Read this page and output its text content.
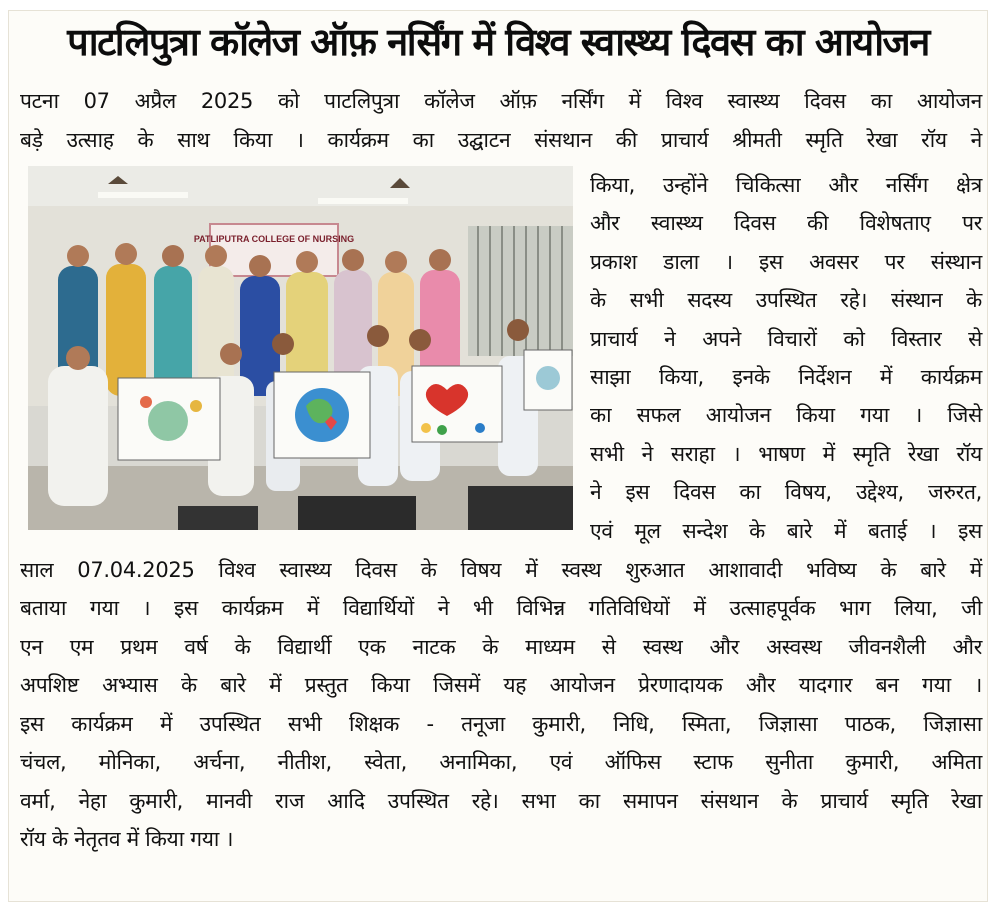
पाटलिपुत्रा कॉलेज ऑफ़ नर्सिंग में विश्व स्वास्थ्य दिवस का आयोजन

पटना 07 अप्रैल 2025 को पाटलिपुत्रा कॉलेज ऑफ़ नर्सिंग में विश्व स्वास्थ्य दिवस का आयोजन

बड़े उत्साह के साथ किया । कार्यक्रम का उद्घाटन संसथान की प्राचार्य श्रीमती स्मृति रेखा रॉय ने

PATLIPUTRA COLLEGE OF NURSING

किया, उन्होंने चिकित्सा और नर्सिंग क्षेत्र

और स्वास्थ्य दिवस की विशेषताए पर

प्रकाश डाला । इस अवसर पर संस्थान

के सभी सदस्य उपस्थित रहे। संस्थान के

प्राचार्य ने अपने विचारों को विस्तार से

साझा किया, इनके निर्देशन में कार्यक्रम

का सफल आयोजन किया गया । जिसे

सभी ने सराहा । भाषण में स्मृति रेखा रॉय

ने इस दिवस का विषय, उद्देश्य, जरुरत,

एवं मूल सन्देश के बारे में बताई । इस

साल 07.04.2025 विश्व स्वास्थ्य दिवस के विषय में स्वस्थ शुरुआत आशावादी भविष्य के बारे में

बताया गया । इस कार्यक्रम में विद्यार्थियों ने भी विभिन्न गतिविधियों में उत्साहपूर्वक भाग लिया, जी

एन एम प्रथम वर्ष के विद्यार्थी एक नाटक के माध्यम से स्वस्थ और अस्वस्थ जीवनशैली और

अपशिष्ट अभ्यास के बारे में प्रस्तुत किया जिसमें यह आयोजन प्रेरणादायक और यादगार बन गया ।

इस कार्यक्रम में उपस्थित सभी शिक्षक - तनूजा कुमारी, निधि, स्मिता, जिज्ञासा पाठक, जिज्ञासा

चंचल, मोनिका, अर्चना, नीतीश, स्वेता, अनामिका, एवं ऑफिस स्टाफ सुनीता कुमारी, अमिता

वर्मा, नेहा कुमारी, मानवी राज आदि उपस्थित रहे। सभा का समापन संसथान के प्राचार्य स्मृति रेखा

रॉय के नेतृतव में किया गया ।
